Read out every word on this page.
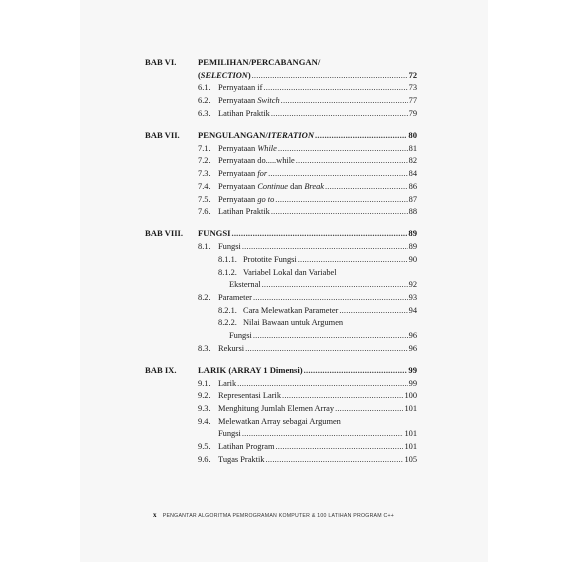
BAB VI.	PEMILIHAN/PERCABANGAN/
(SELECTION) .....	72
6.1. Pernyataan if .....	73
6.2. Pernyataan Switch .....	77
6.3. Latihan Praktik .....	79
BAB VII. PENGULANGAN/ITERATION .....	80
7.1. Pernyataan While .....	81
7.2. Pernyataan do.....while .....	82
7.3. Pernyataan for .....	84
7.4. Pernyataan Continue dan Break .....	86
7.5. Pernyataan go to .....	87
7.6. Latihan Praktik .....	88
BAB VIII. FUNGSI .....	89
8.1. Fungsi .....	89
8.1.1. Prototite Fungsi .....	90
8.1.2. Variabel Lokal dan Variabel
Eksternal .....	92
8.2. Parameter .....	93
8.2.1. Cara Melewatkan Parameter .....	94
8.2.2. Nilai Bawaan untuk Argumen
Fungsi .....	96
8.3. Rekursi .....	96
BAB IX. LARIK (ARRAY 1 Dimensi) .....	99
9.1. Larik .....	99
9.2. Representasi Larik .....	100
9.3. Menghitung Jumlah Elemen Array .....	101
9.4. Melewatkan Array sebagai Argumen
Fungsi .....	101
9.5. Latihan Program .....	101
9.6. Tugas Praktik .....	105
x PENGANTAR ALGORITMA PEMROGRAMAN KOMPUTER & 100 LATIHAN PROGRAM C++
